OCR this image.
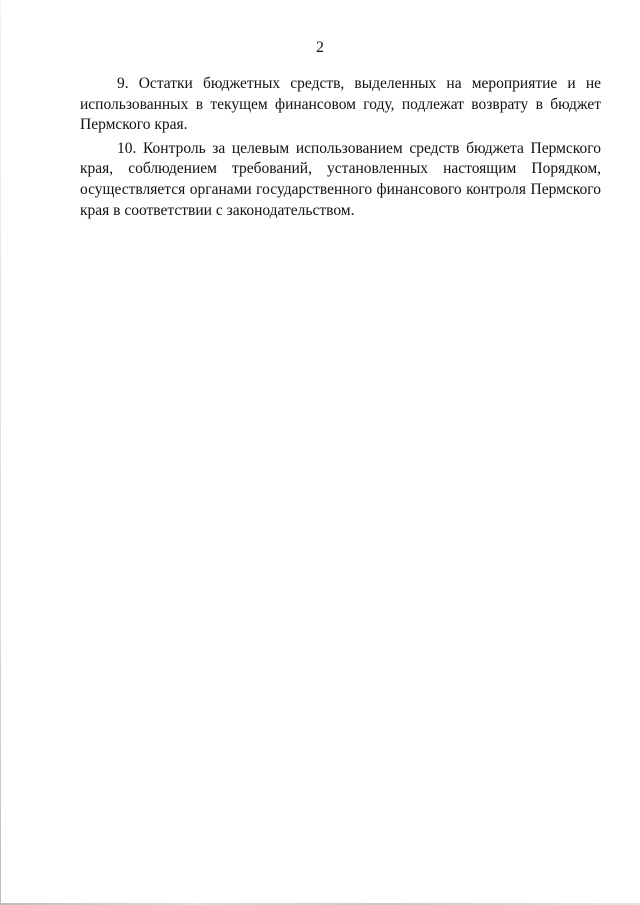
2

9. Остатки бюджетных средств, выделенных на мероприятие и не использованных в текущем финансовом году, подлежат возврату в бюджет Пермского края.

10. Контроль за целевым использованием средств бюджета Пермского края, соблюдением требований, установленных настоящим Порядком, осуществляется органами государственного финансового контроля Пермского края в соответствии с законодательством.
